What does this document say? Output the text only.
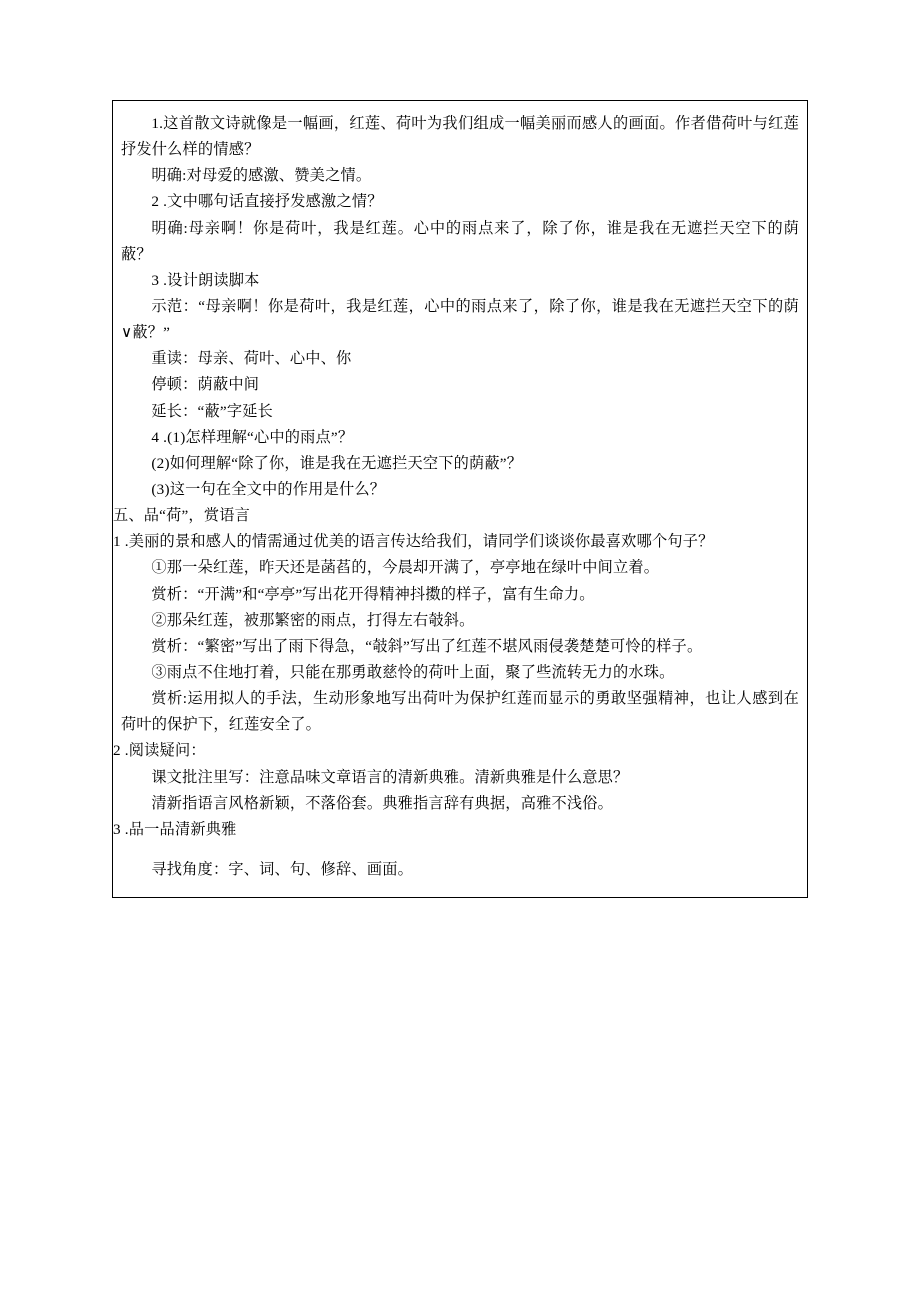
1.这首散文诗就像是一幅画，红莲、荷叶为我们组成一幅美丽而感人的画面。作者借荷叶与红莲抒发什么样的情感？

明确:对母爱的感激、赞美之情。

2 .文中哪句话直接抒发感激之情？

明确:母亲啊！你是荷叶，我是红莲。心中的雨点来了，除了你，谁是我在无遮拦天空下的荫蔽？

3 .设计朗读脚本

示范：“母亲啊！你是荷叶，我是红莲，心中的雨点来了，除了你，谁是我在无遮拦天空下的荫∨蔽？”

重读：母亲、荷叶、心中、你

停顿：荫蔽中间

延长：“蔽”字延长

4 .(1)怎样理解“心中的雨点”？

(2)如何理解“除了你，谁是我在无遮拦天空下的荫蔽”？

(3)这一句在全文中的作用是什么？

五、品“荷”，赏语言

1 .美丽的景和感人的情需通过优美的语言传达给我们，请同学们谈谈你最喜欢哪个句子？

①那一朵红莲，昨天还是菡萏的，今晨却开满了，亭亭地在绿叶中间立着。

赏析：“开满”和“亭亭”写出花开得精神抖擞的样子，富有生命力。

②那朵红莲，被那繁密的雨点，打得左右攲斜。

赏析：“繁密”写出了雨下得急，“攲斜”写出了红莲不堪风雨侵袭楚楚可怜的样子。

③雨点不住地打着，只能在那勇敢慈怜的荷叶上面，聚了些流转无力的水珠。

赏析:运用拟人的手法，生动形象地写出荷叶为保护红莲而显示的勇敢坚强精神，也让人感到在荷叶的保护下，红莲安全了。

2 .阅读疑问：

课文批注里写：注意品味文章语言的清新典雅。清新典雅是什么意思？

清新指语言风格新颖，不落俗套。典雅指言辞有典据，高雅不浅俗。

3 .品一品清新典雅

寻找角度：字、词、句、修辞、画面。
